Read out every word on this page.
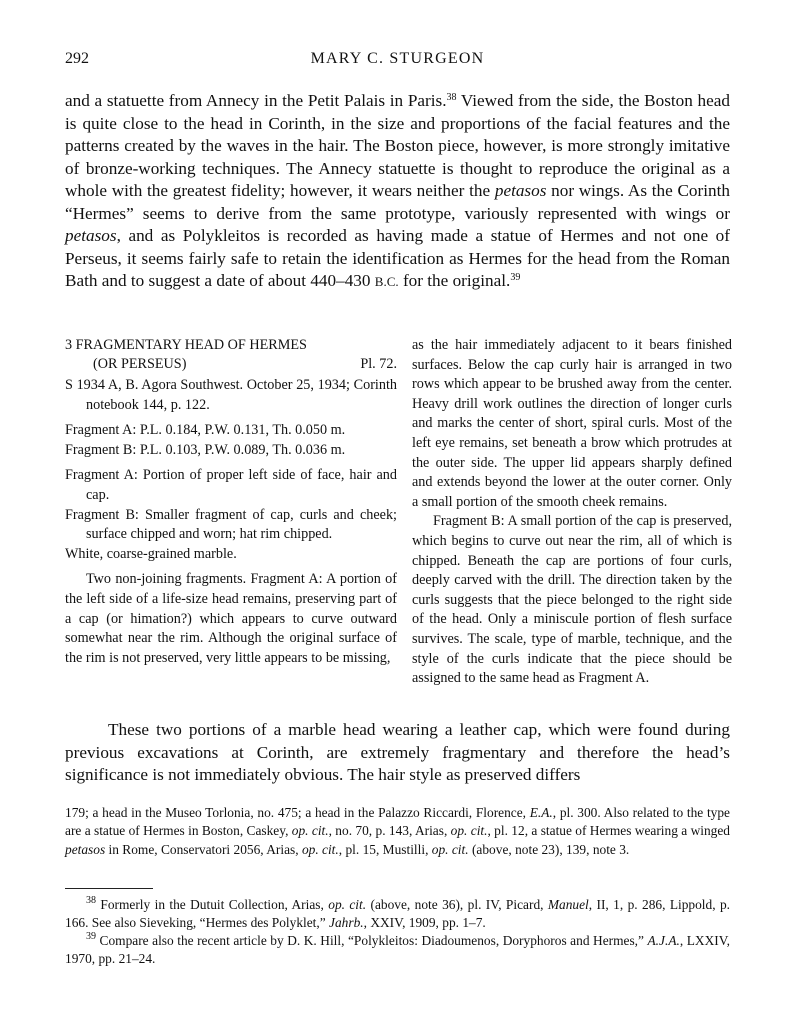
292	MARY C. STURGEON

and a statuette from Annecy in the Petit Palais in Paris.$^{38}$ Viewed from the side, the Boston head is quite close to the head in Corinth, in the size and proportions of the facial features and the patterns created by the waves in the hair. The Boston piece, however, is more strongly imitative of bronze-working techniques. The Annecy statuette is thought to reproduce the original as a whole with the greatest fidelity; however, it wears neither the petasos nor wings. As the Corinth “Hermes” seems to derive from the same prototype, variously represented with wings or petasos, and as Polykleitos is recorded as having made a statue of Hermes and not one of Perseus, it seems fairly safe to retain the identification as Hermes for the head from the Roman Bath and to suggest a date of about 440–430 B.C. for the original.$^{39}$

3 FRAGMENTARY HEAD OF HERMES
(OR PERSEUS)	Pl. 72.

S 1934 A, B. Agora Southwest. October 25, 1934; Corinth notebook 144, p. 122.

Fragment A: P.L. 0.184, P.W. 0.131, Th. 0.050 m.

Fragment B: P.L. 0.103, P.W. 0.089, Th. 0.036 m.

Fragment A: Portion of proper left side of face, hair and cap.

Fragment B: Smaller fragment of cap, curls and cheek; surface chipped and worn; hat rim chipped.

White, coarse-grained marble.

Two non-joining fragments. Fragment A: A portion of the left side of a life-size head remains, preserving part of a cap (or himation?) which appears to curve outward somewhat near the rim. Although the original surface of the rim is not preserved, very little appears to be missing,

as the hair immediately adjacent to it bears finished surfaces. Below the cap curly hair is arranged in two rows which appear to be brushed away from the center. Heavy drill work outlines the direction of longer curls and marks the center of short, spiral curls. Most of the left eye remains, set beneath a brow which protrudes at the outer side. The upper lid appears sharply defined and extends beyond the lower at the outer corner. Only a small portion of the smooth cheek remains.

Fragment B: A small portion of the cap is preserved, which begins to curve out near the rim, all of which is chipped. Beneath the cap are portions of four curls, deeply carved with the drill. The direction taken by the curls suggests that the piece belonged to the right side of the head. Only a miniscule portion of flesh surface survives. The scale, type of marble, technique, and the style of the curls indicate that the piece should be assigned to the same head as Fragment A.

These two portions of a marble head wearing a leather cap, which were found during previous excavations at Corinth, are extremely fragmentary and therefore the head’s significance is not immediately obvious. The hair style as preserved differs

179; a head in the Museo Torlonia, no. 475; a head in the Palazzo Riccardi, Florence, E.A., pl. 300. Also related to the type are a statue of Hermes in Boston, Caskey, op. cit., no. 70, p. 143, Arias, op. cit., pl. 12, a statue of Hermes wearing a winged petasos in Rome, Conservatori 2056, Arias, op. cit., pl. 15, Mustilli, op. cit. (above, note 23), 139, note 3.

$^{38}$ Formerly in the Dutuit Collection, Arias, op. cit. (above, note 36), pl. IV, Picard, Manuel, II, 1, p. 286, Lippold, p. 166. See also Sieveking, “Hermes des Polyklet,” Jahrb., XXIV, 1909, pp. 1–7.

$^{39}$ Compare also the recent article by D. K. Hill, “Polykleitos: Diadoumenos, Doryphoros and Hermes,” A.J.A., LXXIV, 1970, pp. 21–24.
